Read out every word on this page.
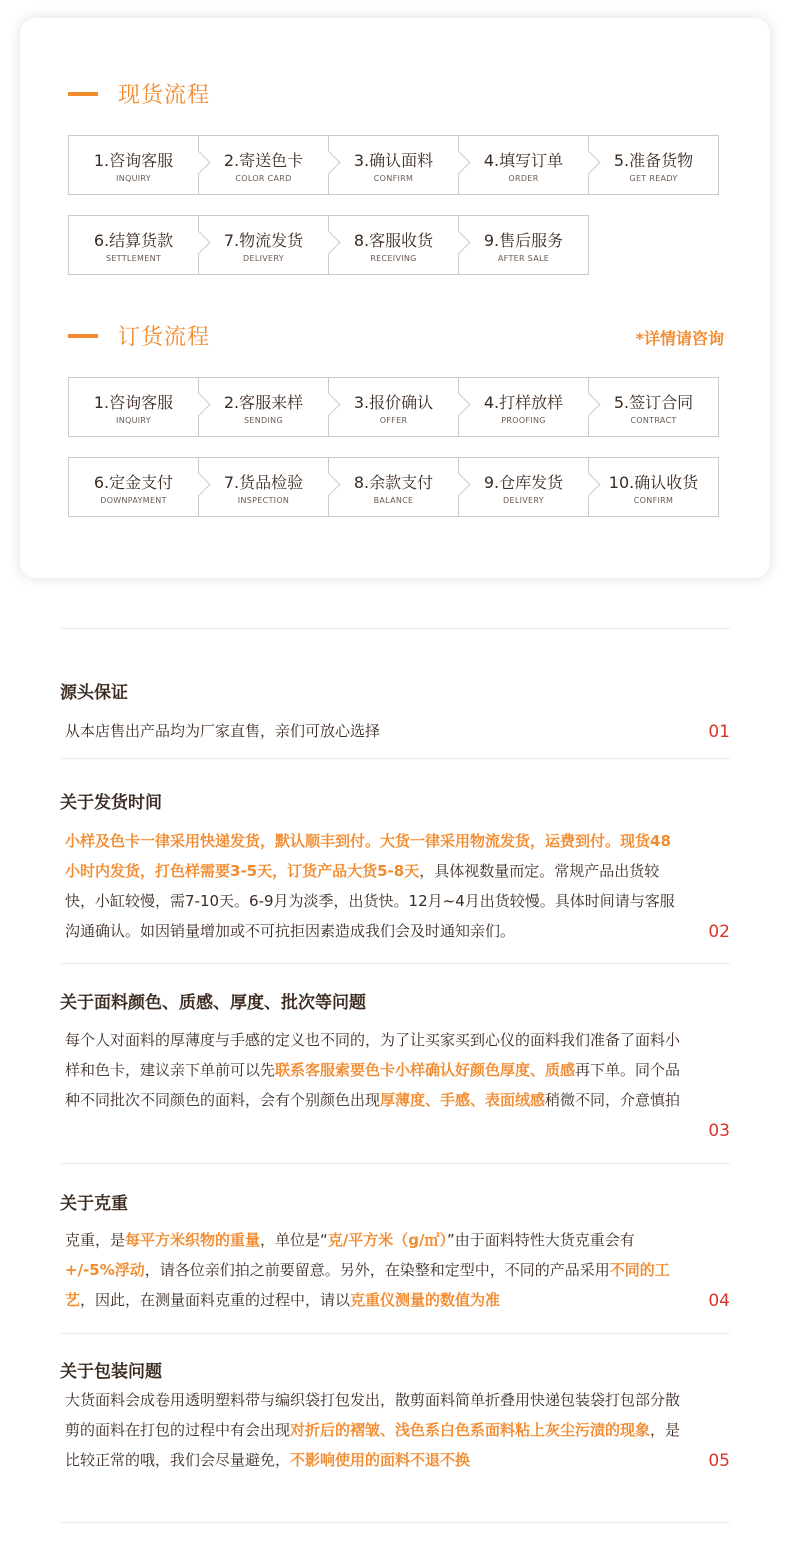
现货流程
1.咨询客服
INQUIRY
2.寄送色卡
COLOR CARD
3.确认面料
CONFIRM
4.填写订单
ORDER
5.准备货物
GET READY
6.结算货款
SETTLEMENT
7.物流发货
DELIVERY
8.客服收货
RECEIVING
9.售后服务
AFTER SALE
订货流程	*详情请咨询
1.咨询客服
INQUIRY
2.客服来样
SENDING
3.报价确认
OFFER
4.打样放样
PROOFING
5.签订合同
CONTRACT
6.定金支付
DOWNPAYMENT
7.货品检验
INSPECTION
8.余款支付
BALANCE
9.仓库发货
DELIVERY
10.确认收货
CONFIRM
源头保证
从本店售出产品均为厂家直售，亲们可放心选择	01
关于发货时间
小样及色卡一律采用快递发货，默认顺丰到付。大货一律采用物流发货，运费到付。现货48小时内发货，打色样需要3-5天，订货产品大货5-8天，具体视数量而定。常规产品出货较快，小缸较慢，需7-10天。6-9月为淡季，出货快。12月~4月出货较慢。具体时间请与客服沟通确认。如因销量增加或不可抗拒因素造成我们会及时通知亲们。	02
关于面料颜色、质感、厚度、批次等问题
每个人对面料的厚薄度与手感的定义也不同的，为了让买家买到心仪的面料我们准备了面料小样和色卡，建议亲下单前可以先联系客服索要色卡小样确认好颜色厚度、质感再下单。同个品种不同批次不同颜色的面料，会有个别颜色出现厚薄度、手感、表面绒感稍微不同，介意慎拍
03
关于克重
克重，是每平方米织物的重量，单位是“克/平方米（g/㎡）”由于面料特性大货克重会有+/-5%浮动，请各位亲们拍之前要留意。另外，在染整和定型中，不同的产品采用不同的工艺，因此，在测量面料克重的过程中，请以克重仪测量的数值为准	04
关于包装问题
大货面料会成卷用透明塑料带与编织袋打包发出，散剪面料简单折叠用快递包装袋打包部分散剪的面料在打包的过程中有会出现对折后的褶皱、浅色系白色系面料粘上灰尘污渍的现象，是比较正常的哦，我们会尽量避免，不影响使用的面料不退不换	05
